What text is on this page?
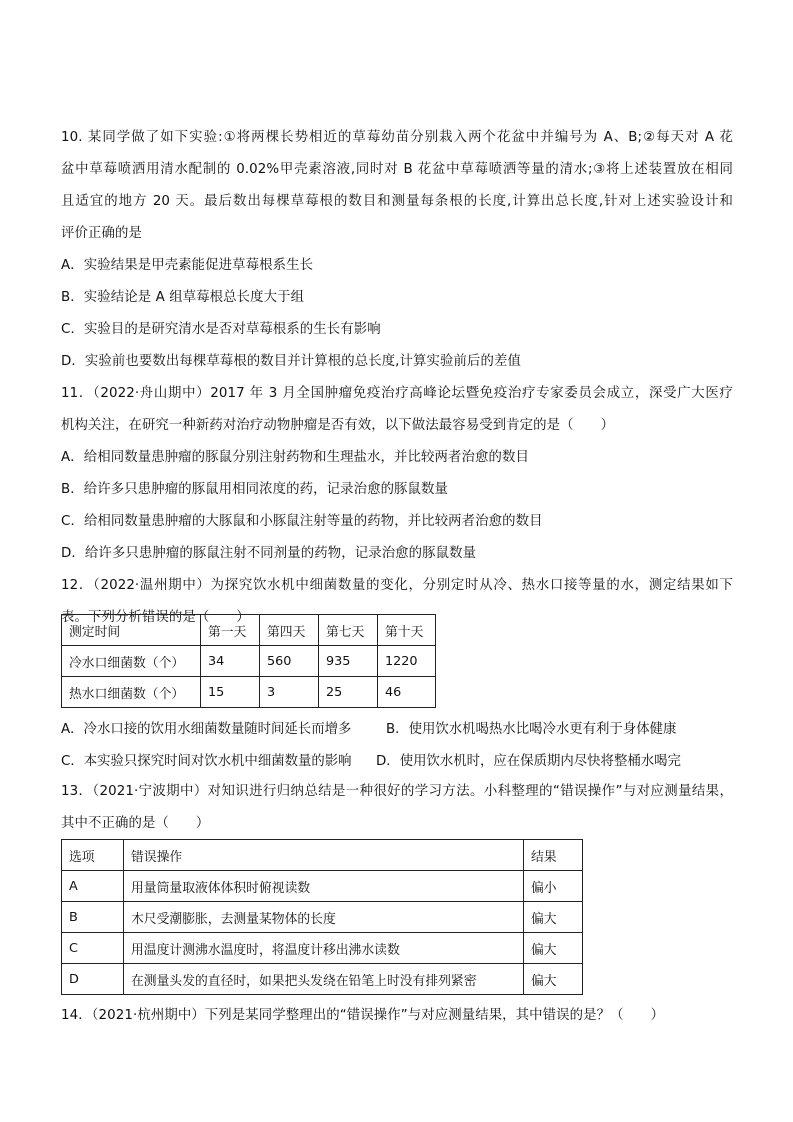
10. 某同学做了如下实验:①将两棵长势相近的草莓幼苗分别栽入两个花盆中并编号为 A、B;②每天对 A 花
盆中草莓喷洒用清水配制的 0.02%甲壳素溶液,同时对 B 花盆中草莓喷洒等量的清水;③将上述装置放在相同
且适宜的地方 20 天。最后数出每棵草莓根的数目和测量每条根的长度,计算出总长度,针对上述实验设计和
评价正确的是
A．实验结果是甲壳素能促进草莓根系生长
B．实验结论是 A 组草莓根总长度大于组
C．实验目的是研究清水是否对草莓根系的生长有影响
D．实验前也要数出每棵草莓根的数目并计算根的总长度,计算实验前后的差值
11．（2022·舟山期中）2017 年 3 月全国肿瘤免疫治疗高峰论坛暨免疫治疗专家委员会成立，深受广大医疗
机构关注，在研究一种新药对治疗动物肿瘤是否有效，以下做法最容易受到肯定的是（　　）
A．给相同数量患肿瘤的豚鼠分别注射药物和生理盐水，并比较两者治愈的数目
B．给许多只患肿瘤的豚鼠用相同浓度的药，记录治愈的豚鼠数量
C．给相同数量患肿瘤的大豚鼠和小豚鼠注射等量的药物，并比较两者治愈的数目
D．给许多只患肿瘤的豚鼠注射不同剂量的药物，记录治愈的豚鼠数量
12．（2022·温州期中）为探究饮水机中细菌数量的变化，分别定时从冷、热水口接等量的水，测定结果如下
表。下列分析错误的是（　　）
测定时间	第一天	第四天	第七天	第十天
冷水口细菌数（个）	34	560	935	1220
热水口细菌数（个）	15	3	25	46
A．冷水口接的饮用水细菌数量随时间延长而增多	B．使用饮水机喝热水比喝冷水更有利于身体健康
C．本实验只探究时间对饮水机中细菌数量的影响 D．使用饮水机时，应在保质期内尽快将整桶水喝完
13．（2021·宁波期中）对知识进行归纳总结是一种很好的学习方法。小科整理的“错误操作”与对应测量结果，
其中不正确的是（　　）
选项	错误操作	结果
A	用量筒量取液体体积时俯视读数	偏小
B	木尺受潮膨胀，去测量某物体的长度	偏大
C	用温度计测沸水温度时，将温度计移出沸水读数	偏大
D	在测量头发的直径时，如果把头发绕在铅笔上时没有排列紧密	偏大
14．（2021·杭州期中）下列是某同学整理出的“错误操作”与对应测量结果，其中错误的是？（　　）
